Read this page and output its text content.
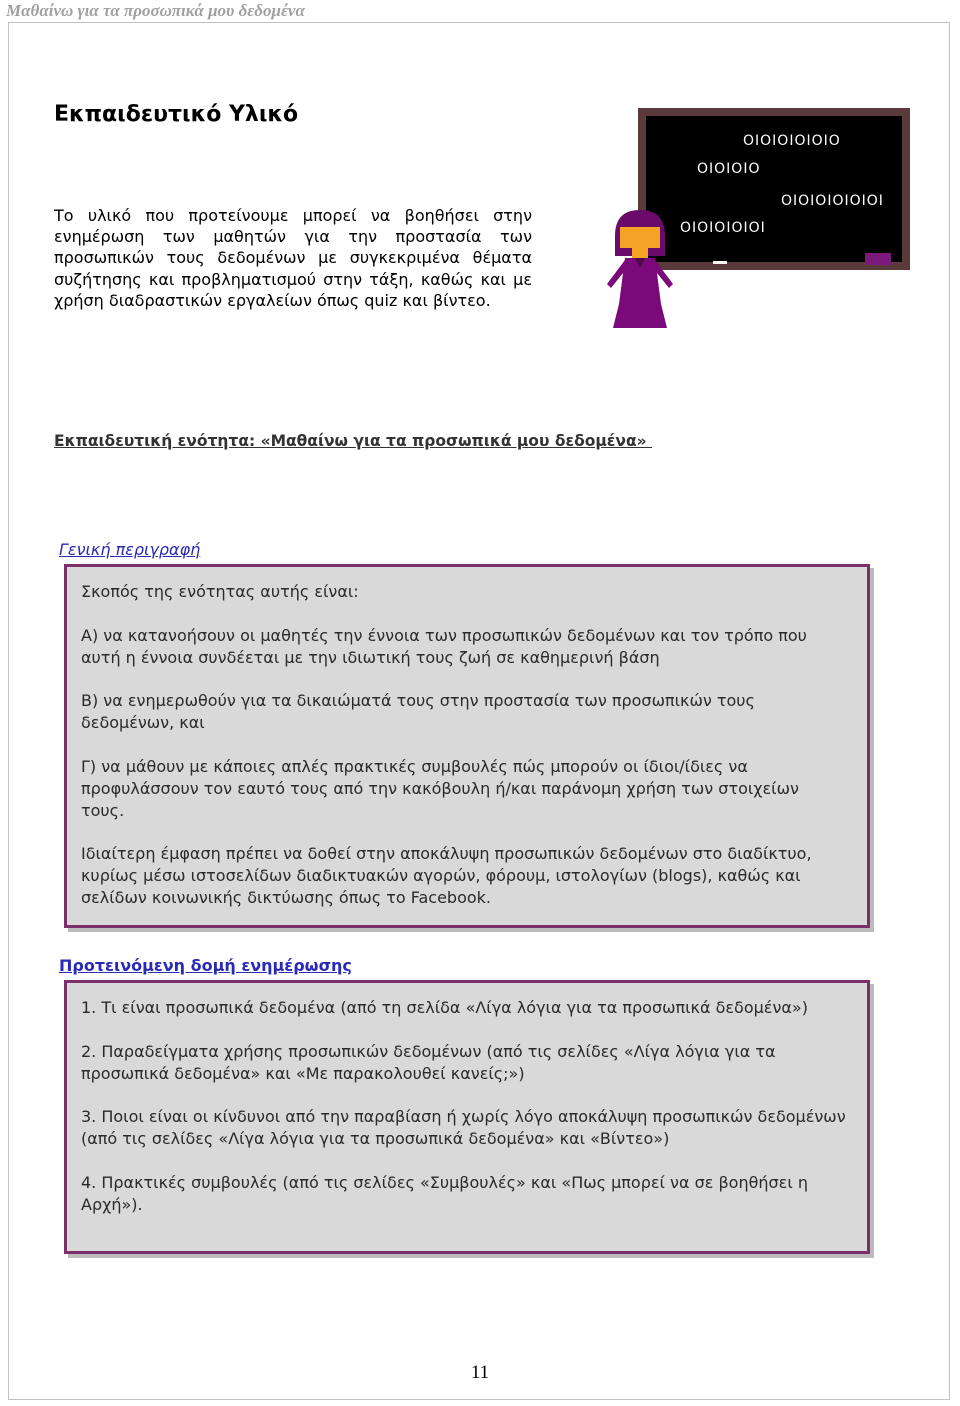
Μαθαίνω για τα προσωπικά μου δεδομένα
Εκπαιδευτικό Υλικό
Το υλικό που προτείνουμε μπορεί να βοηθήσει στην ενημέρωση των μαθητών για την προστασία των προσωπικών τους δεδομένων με συγκεκριμένα θέματα συζήτησης και προβληματισμού στην τάξη, καθώς και με χρήση διαδραστικών εργαλείων όπως quiz και βίντεο.
OIOIOIOIOIO
OIOIOIO
OIOIOIOIOIOI
OIOIOIOIOI
Εκπαιδευτική ενότητα: «Μαθαίνω για τα προσωπικά μου δεδομένα»
Γενική περιγραφή

Σκοπός της ενότητας αυτής είναι:

Α) να κατανοήσουν οι μαθητές την έννοια των προσωπικών δεδομένων και τον τρόπο που αυτή η έννοια συνδέεται με την ιδιωτική τους ζωή σε καθημερινή βάση

Β) να ενημερωθούν για τα δικαιώματά τους στην προστασία των προσωπικών τους δεδομένων, και

Γ) να μάθουν με κάποιες απλές πρακτικές συμβουλές πώς μπορούν οι ίδιοι/ίδιες να προφυλάσσουν τον εαυτό τους από την κακόβουλη ή/και παράνομη χρήση των στοιχείων τους.

Ιδιαίτερη έμφαση πρέπει να δοθεί στην αποκάλυψη προσωπικών δεδομένων στο διαδίκτυο, κυρίως μέσω ιστοσελίδων διαδικτυακών αγορών, φόρουμ, ιστολογίων (blogs), καθώς και σελίδων κοινωνικής δικτύωσης όπως το Facebook.

Προτεινόμενη δομή ενημέρωσης

1. Τι είναι προσωπικά δεδομένα (από τη σελίδα «Λίγα λόγια για τα προσωπικά δεδομένα»)

2. Παραδείγματα χρήσης προσωπικών δεδομένων (από τις σελίδες «Λίγα λόγια για τα προσωπικά δεδομένα» και «Με παρακολουθεί κανείς;»)

3. Ποιοι είναι οι κίνδυνοι από την παραβίαση ή χωρίς λόγο αποκάλυψη προσωπικών δεδομένων (από τις σελίδες «Λίγα λόγια για τα προσωπικά δεδομένα» και «Βίντεο»)

4. Πρακτικές συμβουλές (από τις σελίδες «Συμβουλές» και «Πως μπορεί να σε βοηθήσει η Αρχή»).

11
